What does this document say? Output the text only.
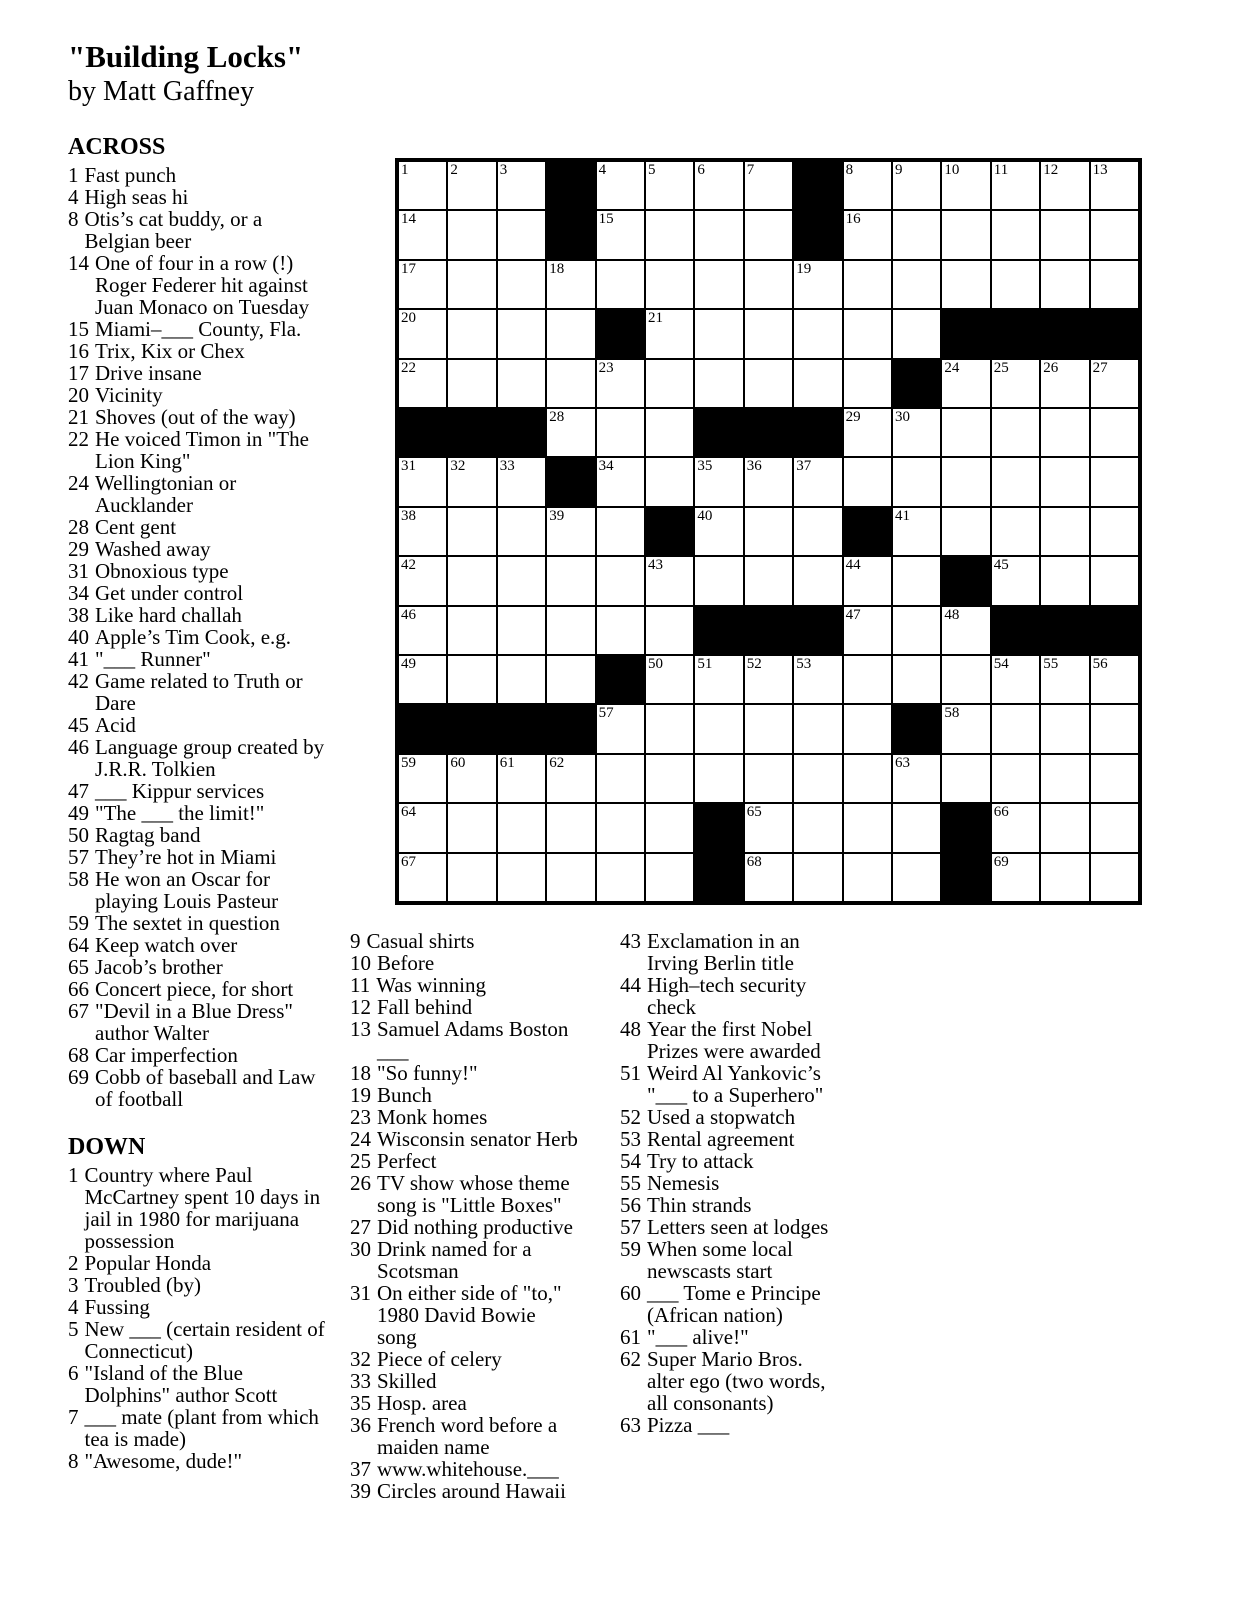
"Building Locks"
by Matt Gaffney
ACROSS
1 Fast punch
4 High seas hi
8 Otis’s cat buddy, or a Belgian beer
14 One of four in a row (!) Roger Federer hit against Juan Monaco on Tuesday
15 Miami–___ County, Fla.
16 Trix, Kix or Chex
17 Drive insane
20 Vicinity
21 Shoves (out of the way)
22 He voiced Timon in "The Lion King"
24 Wellingtonian or Aucklander
28 Cent gent
29 Washed away
31 Obnoxious type
34 Get under control
38 Like hard challah
40 Apple’s Tim Cook, e.g.
41 "___ Runner"
42 Game related to Truth or Dare
45 Acid
46 Language group created by J.R.R. Tolkien
47 ___ Kippur services
49 "The ___ the limit!"
50 Ragtag band
57 They’re hot in Miami
58 He won an Oscar for playing Louis Pasteur
59 The sextet in question
64 Keep watch over
65 Jacob’s brother
66 Concert piece, for short
67 "Devil in a Blue Dress" author Walter
68 Car imperfection
69 Cobb of baseball and Law of football
DOWN
1 Country where Paul McCartney spent 10 days in jail in 1980 for marijuana possession
2 Popular Honda
3 Troubled (by)
4 Fussing
5 New ___ (certain resident of Connecticut)
6 "Island of the Blue Dolphins" author Scott
7 ___ mate (plant from which tea is made)
8 "Awesome, dude!"
1	2	3	4	5	6	7	8	9	10 11 12 13
14	15	16
17	18	19
20	21
22	23	24 25 26 27
28	29 30
31 32 33	34	35 36 37
38	39	40	41
42	43	44	45
46	47	48
49	50 51 52 53	54 55 56
57	58
59 60 61 62	63
64	65	66
67	68	69
9 Casual shirts
10 Before
11 Was winning
12 Fall behind
13 Samuel Adams Boston ___
18 "So funny!"
19 Bunch
23 Monk homes
24 Wisconsin senator Herb
25 Perfect
26 TV show whose theme song is "Little Boxes"
27 Did nothing productive
30 Drink named for a Scotsman
31 On either side of "to," 1980 David Bowie song
32 Piece of celery
33 Skilled
35 Hosp. area
36 French word before a maiden name
37 www.whitehouse.___
39 Circles around Hawaii
43 Exclamation in an Irving Berlin title
44 High–tech security check
48 Year the first Nobel Prizes were awarded
51 Weird Al Yankovic’s "___ to a Superhero"
52 Used a stopwatch
53 Rental agreement
54 Try to attack
55 Nemesis
56 Thin strands
57 Letters seen at lodges
59 When some local newscasts start
60 ___ Tome e Principe (African nation)
61 "___ alive!"
62 Super Mario Bros. alter ego (two words, all consonants)
63 Pizza ___
